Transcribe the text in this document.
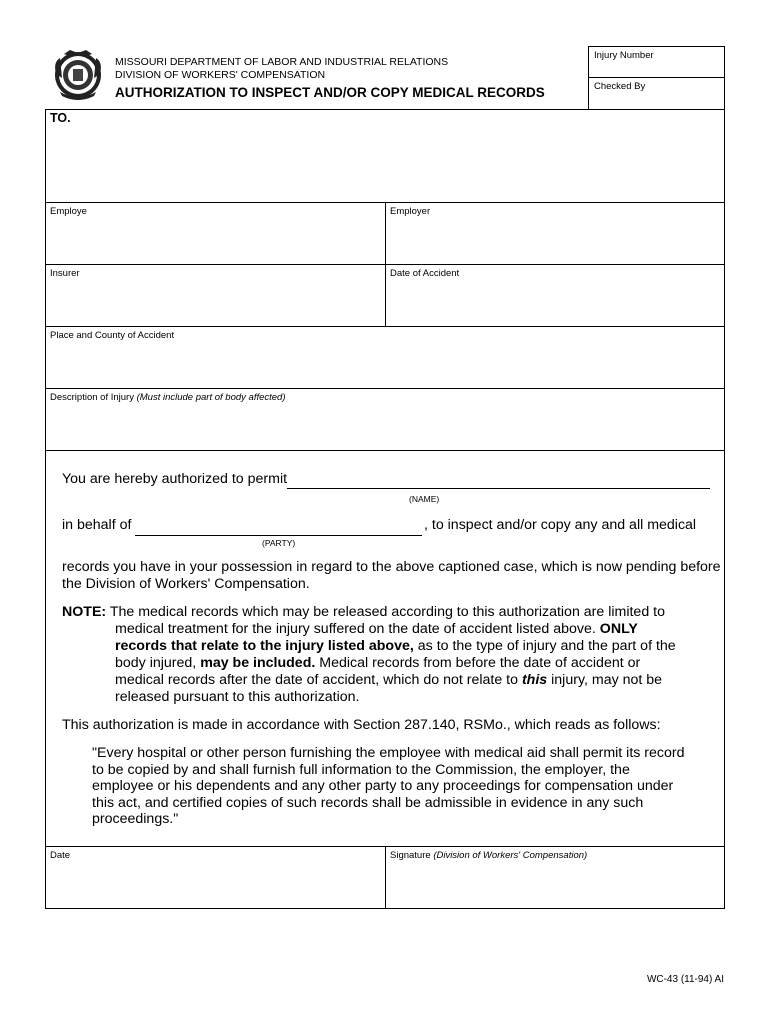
MISSOURI DEPARTMENT OF LABOR AND INDUSTRIAL RELATIONS
DIVISION OF WORKERS' COMPENSATION
AUTHORIZATION TO INSPECT AND/OR COPY MEDICAL RECORDS
Injury Number
Checked By
TO.
Employe	Employer
Insurer	Date of Accident
Place and County of Accident
Description of Injury (Must include part of body affected)
You are hereby authorized to permit
(NAME)
in behalf of	, to inspect and/or copy any and all medical
(PARTY)
records you have in your possession in regard to the above captioned case, which is now pending before
the Division of Workers' Compensation.
NOTE: The medical records which may be released according to this authorization are limited to
medical treatment for the injury suffered on the date of accident listed above. ONLY
records that relate to the injury listed above, as to the type of injury and the part of the
body injured, may be included. Medical records from before the date of accident or
medical records after the date of accident, which do not relate to this injury, may not be
released pursuant to this authorization.
This authorization is made in accordance with Section 287.140, RSMo., which reads as follows:
"Every hospital or other person furnishing the employee with medical aid shall permit its record
to be copied by and shall furnish full information to the Commission, the employer, the
employee or his dependents and any other party to any proceedings for compensation under
this act, and certified copies of such records shall be admissible in evidence in any such
proceedings."
Date	Signature (Division of Workers' Compensation)
WC-43 (11-94) AI
